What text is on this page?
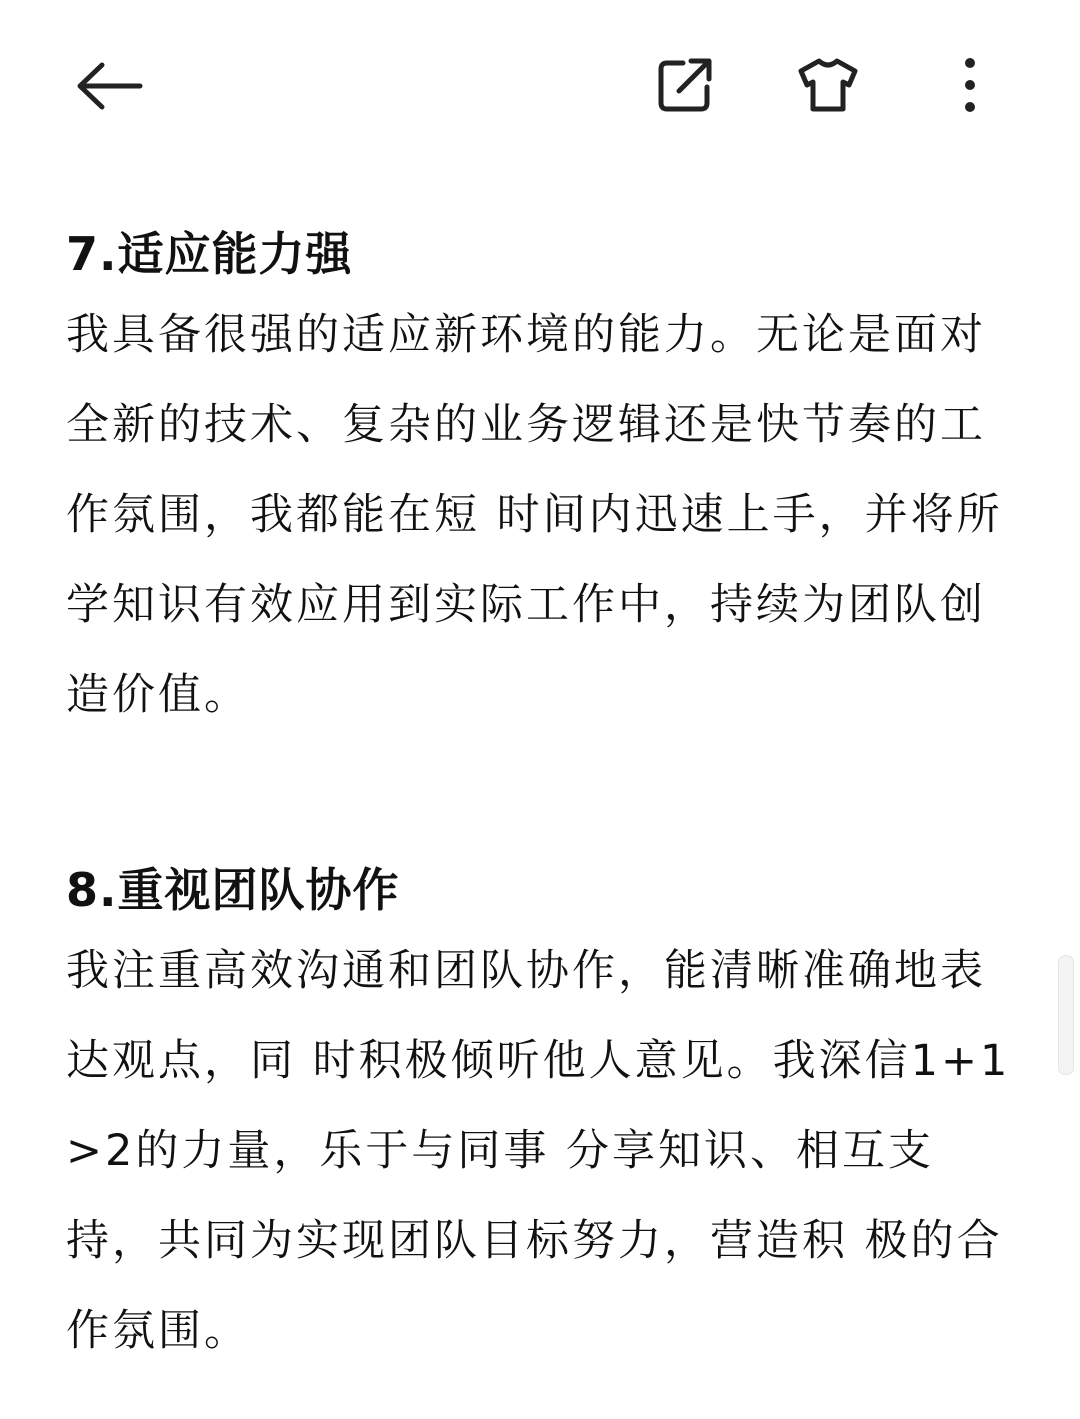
7.适应能力强

我具备很强的适应新环境的能力。无论是面对全新的技术、复杂的业务逻辑还是快节奏的工作氛围，我都能在短 时间内迅速上手，并将所学知识有效应用到实际工作中，持续为团队创造价值。

8.重视团队协作

我注重高效沟通和团队协作，能清晰准确地表达观点，同 时积极倾听他人意见。我深信1+1>2的力量，乐于与同事 分享知识、相互支持，共同为实现团队目标努力，营造积 极的合作氛围。
